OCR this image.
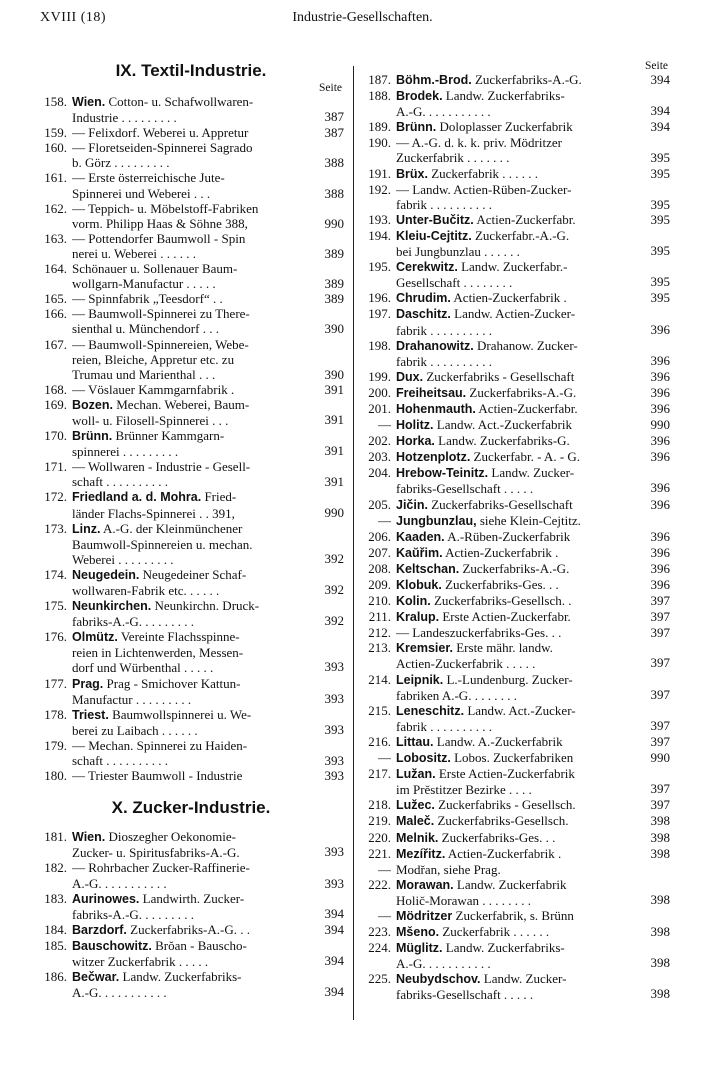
XVIII (18)	Industrie-Gesellschaften.
IX. Textil-Industrie.
Seite
158. Wien. Cotton- u. Schafwollwaren-
Industrie . . . . . . . . .	387
159. — Felixdorf. Weberei u. Appretur	387
160. — Floretseiden-Spinnerei Sagrado
b. Görz . . . . . . . . .	388
161. — Erste österreichische Jute-
Spinnerei und Weberei . . .	388
162. — Teppich- u. Möbelstoff-Fabriken
vorm. Philipp Haas & Söhne 388,	990
163. — Pottendorfer Baumwoll - Spin
nerei u. Weberei . . . . . .	389
164. Schönauer u. Sollenauer Baum-
wollgarn-Manufactur . . . . .	389
165. — Spinnfabrik „Teesdorf“ . .	389
166. — Baumwoll-Spinnerei zu There-
sienthal u. Münchendorf . . .	390
167. — Baumwoll-Spinnereien, Webe-
reien, Bleiche, Appretur etc. zu
Trumau und Marienthal . . .	390
168. — Vöslauer Kammgarnfabrik .	391
169. Bozen. Mechan. Weberei, Baum-
woll- u. Filosell-Spinnerei . . .	391
170. Brünn. Brünner Kammgarn-
spinnerei . . . . . . . . .	391
171. — Wollwaren - Industrie - Gesell-
schaft . . . . . . . . . .	391
172. Friedland a. d. Mohra. Fried-
länder Flachs-Spinnerei . . 391,	990
173. Linz. A.-G. der Kleinmünchener
Baumwoll-Spinnereien u. mechan.
Weberei . . . . . . . . .	392
174. Neugedein. Neugedeiner Schaf-
wollwaren-Fabrik etc. . . . . .	392
175. Neunkirchen. Neunkirchn. Druck-
fabriks-A.-G. . . . . . . . .	392
176. Olmütz. Vereinte Flachsspinne-
reien in Lichtenwerden, Messen-
dorf und Würbenthal . . . . .	393
177. Prag. Prag - Smichover Kattun-
Manufactur . . . . . . . . .	393
178. Triest. Baumwollspinnerei u. We-
berei zu Laibach . . . . . .	393
179. — Mechan. Spinnerei zu Haiden-
schaft . . . . . . . . . .	393
180. — Triester Baumwoll - Industrie	393
X. Zucker-Industrie.
181. Wien. Dioszegher Oekonomie-
Zucker- u. Spiritusfabriks-A.-G.	393
182. — Rohrbacher Zucker-Raffinerie-
A.-G. . . . . . . . . . .	393
183. Aurinowes. Landwirth. Zucker-
fabriks-A.-G. . . . . . . . .	394
184. Barzdorf. Zuckerfabriks-A.-G. . .	394
185. Bauschowitz. Brŏan - Bauscho-
witzer Zuckerfabrik . . . . .	394
186. Bečwar. Landw. Zuckerfabriks-
A.-G. . . . . . . . . . .	394
Seite
187. Böhm.-Brod. Zuckerfabriks-A.-G.	394
188. Brodek. Landw. Zuckerfabriks-
A.-G. . . . . . . . . . .	394
189. Brünn. Doloplasser Zuckerfabrik	394
190. — A.-G. d. k. k. priv. Mödritzer
Zuckerfabrik . . . . . . .	395
191. Brüx. Zuckerfabrik . . . . . .	395
192. — Landw. Actien-Rüben-Zucker-
fabrik . . . . . . . . . .	395
193. Unter-Bučitz. Actien-Zuckerfabr.	395
194. Kleiu-Cejtitz. Zuckerfabr.-A.-G.
bei Jungbunzlau . . . . . .	395
195. Cerekwitz. Landw. Zuckerfabr.-
Gesellschaft . . . . . . . .	395
196. Chrudim. Actien-Zuckerfabrik .	395
197. Daschitz. Landw. Actien-Zucker-
fabrik . . . . . . . . . .	396
198. Drahanowitz. Drahanow. Zucker-
fabrik . . . . . . . . . .	396
199. Dux. Zuckerfabriks - Gesellschaft	396
200. Freiheitsau. Zuckerfabriks-A.-G.	396
201. Hohenmauth. Actien-Zuckerfabr.	396
— Holitz. Landw. Act.-Zuckerfabrik	990
202. Horka. Landw. Zuckerfabriks-G.	396
203. Hotzenplotz. Zuckerfabr. - A. - G.	396
204. Hrebow-Teinitz. Landw. Zucker-
fabriks-Gesellschaft . . . . .	396
205. Jičin. Zuckerfabriks-Gesellschaft	396
— Jungbunzlau, siehe Klein-Cejtitz.
206. Kaaden. A.-Rüben-Zuckerfabrik	396
207. Kaŭřim. Actien-Zuckerfabrik .	396
208. Keltschan. Zuckerfabriks-A.-G.	396
209. Klobuk. Zuckerfabriks-Ges. . .	396
210. Kolin. Zuckerfabriks-Gesellsch. .	397
211. Kralup. Erste Actien-Zuckerfabr.	397
212. — Landeszuckerfabriks-Ges. . .	397
213. Kremsier. Erste mähr. landw.
Actien-Zuckerfabrik . . . . .	397
214. Leipnik. L.-Lundenburg. Zucker-
fabriken A.-G. . . . . . . .	397
215. Leneschitz. Landw. Act.-Zucker-
fabrik . . . . . . . . . .	397
216. Littau. Landw. A.-Zuckerfabrik	397
— Lobositz. Lobos. Zuckerfabriken	990
217. Lužan. Erste Actien-Zuckerfabrik
im Prěstitzer Bezirke . . . .	397
218. Lužec. Zuckerfabriks - Gesellsch.	397
219. Maleč. Zuckerfabriks-Gesellsch.	398
220. Melnik. Zuckerfabriks-Ges. . .	398
221. Mezířitz. Actien-Zuckerfabrik .	398
— Modřan, siehe Prag.
222. Morawan. Landw. Zuckerfabrik
Holič-Morawan . . . . . . . .	398
— Mödritzer Zuckerfabrik, s. Brünn
223. Mšeno. Zuckerfabrik . . . . . .	398
224. Müglitz. Landw. Zuckerfabriks-
A.-G. . . . . . . . . . .	398
225. Neubydschov. Landw. Zucker-
fabriks-Gesellschaft . . . . .	398
